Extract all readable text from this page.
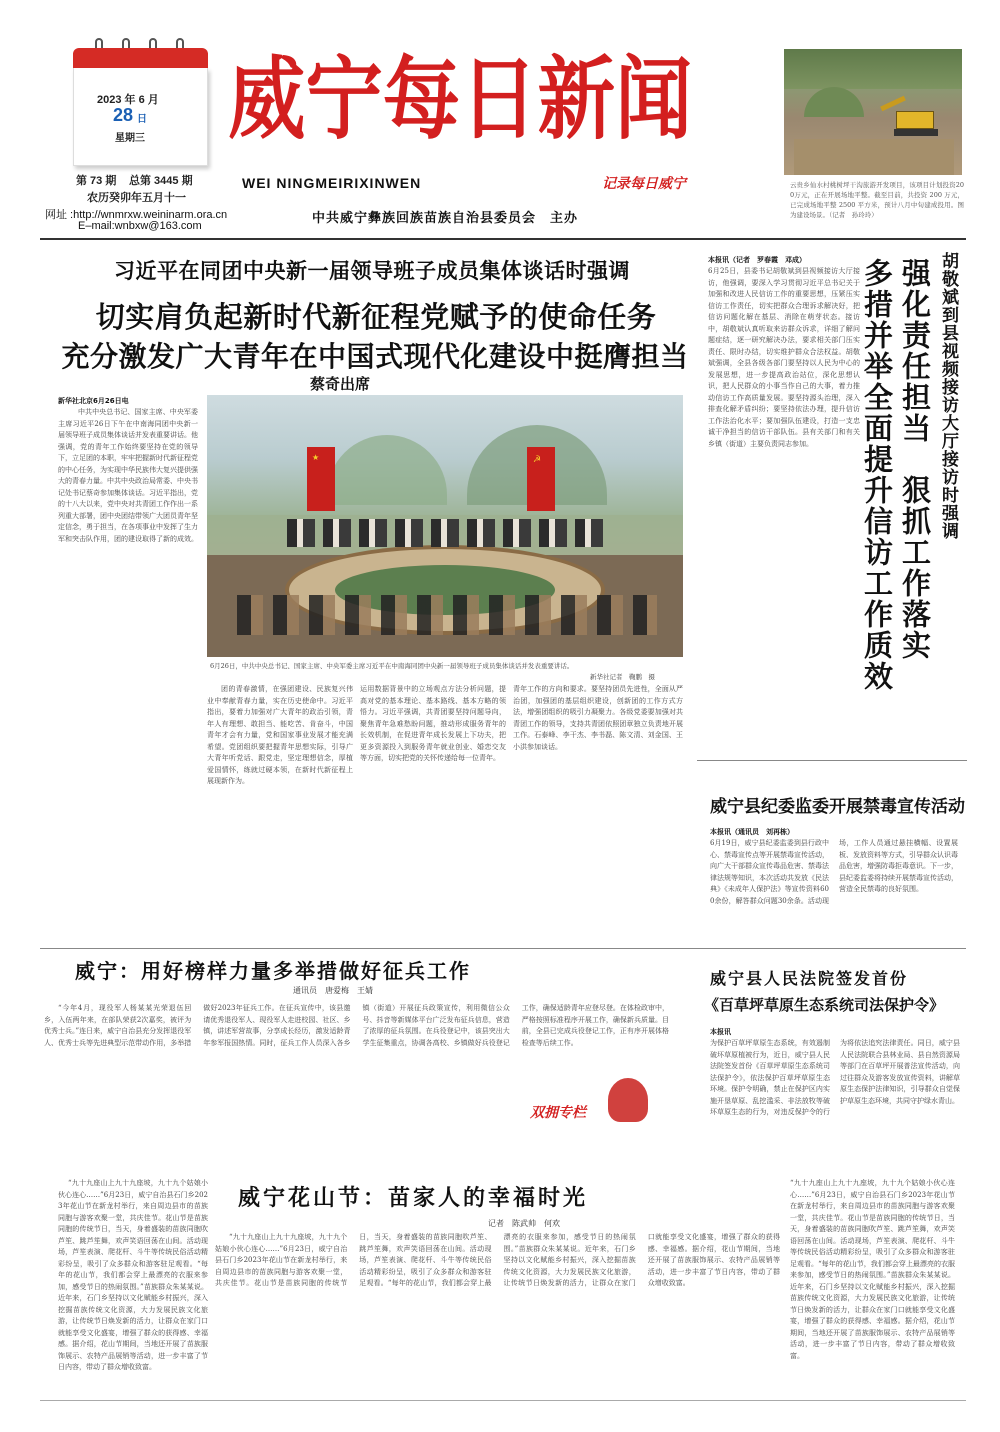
2023 年 6 月
28 日
星期三
第 73 期 总第 3445 期
农历癸卯年五月十一
网址 :http://wnmrxw.weininarm.ora.cn
E–mail:wnbxw@163.com
威宁每日新闻
WEI NINGMEIRIXINWEN	记录每日威宁
中共威宁彝族回族苗族自治县委员会　主办
云贵乡仙水村桃树坪干沟旅游开发项目，该项目计划投资200万元，正在开展场地平整。截至目前，共投资 200 万元，已完成场地平整 2500 平方米，预计八月中旬建成投用。图为建设场景。（记者　孙玲玲）
习近平在同团中央新一届领导班子成员集体谈话时强调
切实肩负起新时代新征程党赋予的使命任务
充分激发广大青年在中国式现代化建设中挺膺担当
蔡奇出席
新华社北京6月26日电
中共中央总书记、国家主席、中央军委主席习近平26日下午在中南海同团中央新一届领导班子成员集体谈话并发表重要讲话。他强调，党的青年工作始终要坚持在党的领导下，立足团的本职，牢牢把握新时代新征程党的中心任务，为实现中华民族伟大复兴提供强大的青春力量。中共中央政治局常委、中央书记处书记蔡奇参加集体谈话。习近平指出，党的十八大以来，党中央对共青团工作作出一系列重大部署，团中央团结带领广大团员青年坚定信念，勇于担当，在各项事业中发挥了生力军和突击队作用，团的建设取得了新的成效。
★	☭
6月26日，中共中央总书记、国家主席、中央军委主席习近平在中南海同团中央新一届领导班子成员集体谈话并发表重要讲话。
新华社记者　鞠鹏　摄
团的青春激情，在强团建设、民族复兴伟业中奉献青春力量，实在历史使命中。习近平指出，要着力加强对广大青年的政治引领，青年人有理想、敢担当、能吃苦、肯奋斗，中国青年才会有力量，党和国家事业发展才能充满希望。党团组织要把握青年思想实际，引导广大青年听党话、跟党走，坚定理想信念，厚植爱国情怀，练就过硬本领，在新时代新征程上展现新作为。
运用数据背景中的立场观点方法分析问题，提高对党的基本理论、基本路线、基本方略的领悟力。习近平强调，共青团要坚持问题导向，聚焦青年急难愁盼问题，推动形成服务青年的长效机制，在促进青年成长发展上下功夫，把更多资源投入到服务青年就业创业、婚恋交友等方面，切实把党的关怀传递给每一位青年。
青年工作的方向和要求。要坚持团员先进性，全面从严治团，加强团的基层组织建设，创新团的工作方式方法，增强团组织的吸引力凝聚力。各级党委要加强对共青团工作的领导，支持共青团依照团章独立负责地开展工作。石泰峰、李干杰、李书磊、陈文清、刘金国、王小洪参加谈话。
本报讯（记者　罗春霞　邓成）
6月25日，县委书记胡敬斌到县视频接访大厅接访，他强调，要深入学习贯彻习近平总书记关于加强和改进人民信访工作的重要思想，压紧压实信访工作责任，切实把群众合理诉求解决好，把信访问题化解在基层、消除在萌芽状态。接访中，胡敬斌认真听取来访群众诉求，详细了解问题症结，逐一研究解决办法，要求相关部门压实责任、限时办结，切实维护群众合法权益。胡敬斌强调，全县各级各部门要坚持以人民为中心的发展思想，进一步提高政治站位，深化思想认识，把人民群众的小事当作自己的大事，着力推动信访工作高质量发展。要坚持源头治理，深入排查化解矛盾纠纷；要坚持依法办理，提升信访工作法治化水平；要加强队伍建设，打造一支忠诚干净担当的信访干部队伍。县有关部门和有关乡镇（街道）主要负责同志参加。	多措并举全面提升信访工作质效 强化责任担当　狠抓工作落实 胡敬斌到县视频接访大厅接访时强调
威宁县纪委监委开展禁毒宣传活动
本报讯（通讯员　刘再栋）
6月19日，威宁县纪委监委到县行政中心、禁毒宣传点等开展禁毒宣传活动，向广大干部群众宣传毒品危害、禁毒法律法规等知识，本次活动共发放《民法典》《未成年人保护法》等宣传资料600余份，解答群众问题30余条。活动现场，工作人员通过悬挂横幅、设置展板、发放资料等方式，引导群众认识毒品危害，增强防毒拒毒意识。下一步，县纪委监委将持续开展禁毒宣传活动，营造全民禁毒的良好氛围。
威宁：用好榜样力量多举措做好征兵工作
通讯员　唐爱梅　王婧
“今年4月，现役军人杨某某光荣退伍回乡，入伍两年来，在部队荣获2次嘉奖，被评为优秀士兵。”连日来，威宁自治县充分发挥退役军人、优秀士兵等先进典型示范带动作用，多举措做好2023年征兵工作。在征兵宣传中，该县邀请优秀退役军人、现役军人走进校园、社区、乡镇，讲述军营故事，分享成长经历，激发适龄青年参军报国热情。同时，征兵工作人员深入各乡镇（街道）开展征兵政策宣传，利用微信公众号、抖音等新媒体平台广泛发布征兵信息，营造了浓厚的征兵氛围。在兵役登记中，该县突出大学生征集重点，协调各高校、乡镇做好兵役登记工作，确保适龄青年应登尽登。在体检政审中，严格按照标准程序开展工作，确保新兵质量。目前，全县已完成兵役登记工作，正有序开展体格检查等后续工作。
双拥专栏
威宁县人民法院签发首份
《百草坪草原生态系统司法保护令》
本报讯
为保护百草坪草原生态系统，有效遏制破坏草原植被行为，近日，威宁县人民法院签发首份《百草坪草原生态系统司法保护令》，依法保护百草坪草原生态环境。保护令明确，禁止在保护区内实施开垦草原、乱挖滥采、非法放牧等破坏草原生态的行为，对违反保护令的行为将依法追究法律责任。同日，威宁县人民法院联合县林业局、县自然资源局等部门在百草坪开展普法宣传活动，向过往群众及游客发放宣传资料，讲解草原生态保护法律知识，引导群众自觉保护草原生态环境，共同守护绿水青山。
威宁花山节：苗家人的幸福时光
记者　陈武帅　何欢
“九十九座山上九十九座坡，九十九个姑娘小伙心连心……”6月23日，威宁自治县石门乡2023年花山节在新龙村举行，来自周边县市的苗族同胞与游客欢聚一堂，共庆佳节。花山节是苗族同胞的传统节日，当天，身着盛装的苗族同胞吹芦笙、跳芦笙舞，欢声笑语回荡在山间。活动现场，芦笙表演、爬花杆、斗牛等传统民俗活动精彩纷呈，吸引了众多群众和游客驻足观看。“每年的花山节，我们都会穿上最漂亮的衣服来参加，感受节日的热闹氛围。”苗族群众朱某某说。近年来，石门乡坚持以文化赋能乡村振兴，深入挖掘苗族传统文化资源，大力发展民族文化旅游，让传统节日焕发新的活力，让群众在家门口就能享受文化盛宴，增强了群众的获得感、幸福感。据介绍，花山节期间，当地还开展了苗族服饰展示、农特产品展销等活动，进一步丰富了节日内容，带动了群众增收致富。
“九十九座山上九十九座坡，九十九个姑娘小伙心连心……”6月23日，威宁自治县石门乡2023年花山节在新龙村举行，来自周边县市的苗族同胞与游客欢聚一堂，共庆佳节。花山节是苗族同胞的传统节日，当天，身着盛装的苗族同胞吹芦笙、跳芦笙舞，欢声笑语回荡在山间。活动现场，芦笙表演、爬花杆、斗牛等传统民俗活动精彩纷呈，吸引了众多群众和游客驻足观看。“每年的花山节，我们都会穿上最漂亮的衣服来参加，感受节日的热闹氛围。”苗族群众朱某某说。近年来，石门乡坚持以文化赋能乡村振兴，深入挖掘苗族传统文化资源，大力发展民族文化旅游，让传统节日焕发新的活力，让群众在家门口就能享受文化盛宴，增强了群众的获得感、幸福感。据介绍，花山节期间，当地还开展了苗族服饰展示、农特产品展销等活动，进一步丰富了节日内容，带动了群众增收致富。
“九十九座山上九十九座坡，九十九个姑娘小伙心连心……”6月23日，威宁自治县石门乡2023年花山节在新龙村举行，来自周边县市的苗族同胞与游客欢聚一堂，共庆佳节。花山节是苗族同胞的传统节日，当天，身着盛装的苗族同胞吹芦笙、跳芦笙舞，欢声笑语回荡在山间。活动现场，芦笙表演、爬花杆、斗牛等传统民俗活动精彩纷呈，吸引了众多群众和游客驻足观看。“每年的花山节，我们都会穿上最漂亮的衣服来参加，感受节日的热闹氛围。”苗族群众朱某某说。近年来，石门乡坚持以文化赋能乡村振兴，深入挖掘苗族传统文化资源，大力发展民族文化旅游，让传统节日焕发新的活力，让群众在家门口就能享受文化盛宴，增强了群众的获得感、幸福感。据介绍，花山节期间，当地还开展了苗族服饰展示、农特产品展销等活动，进一步丰富了节日内容，带动了群众增收致富。
